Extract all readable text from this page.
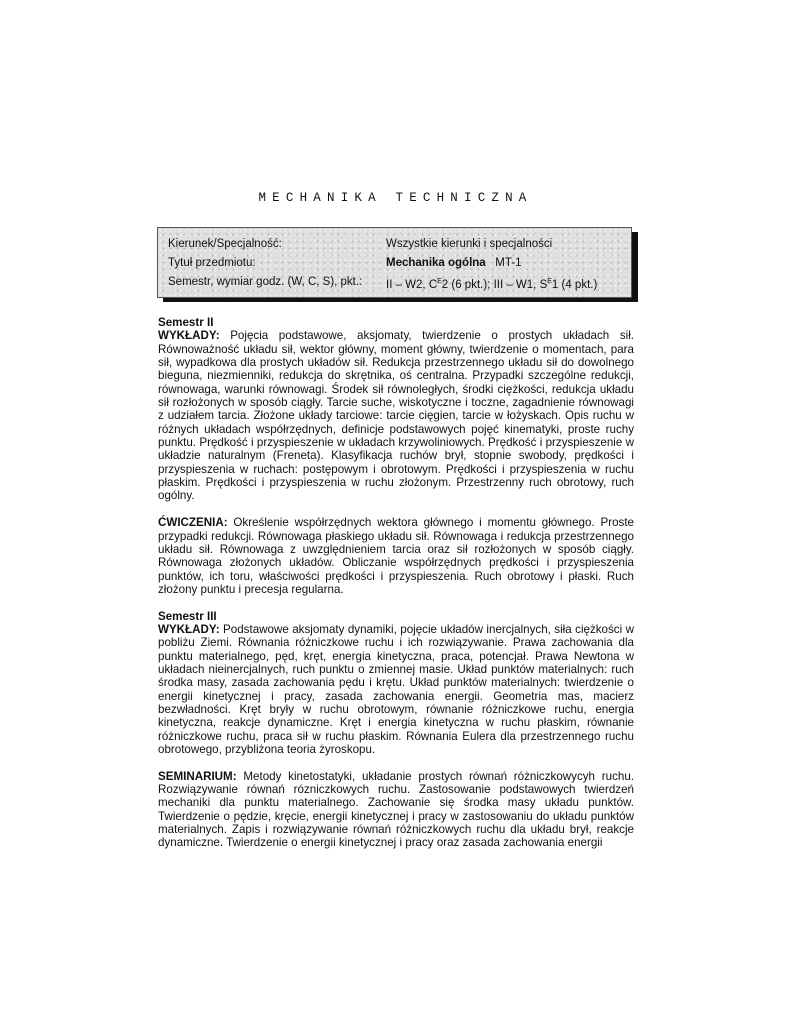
MECHANIKA TECHNICZNA
Kierunek/Specjalność:	Wszystkie kierunki i specjalności
Tytuł przedmiotu:	Mechanika ogólna MT-1
Semestr, wymiar godz. (W, C, S), pkt.: II – W2, $C^E2$ (6 pkt.); III – W1, $S^E1$ (4 pkt.)

Semestr II

WYKŁADY: Pojęcia podstawowe, aksjomaty, twierdzenie o prostych układach sił. Równoważność układu sił, wektor główny, moment główny, twierdzenie o momentach, para sił, wypadkowa dla prostych układów sił. Redukcja przestrzennego układu sił do dowolnego bieguna, niezmienniki, redukcja do skrętnika, oś centralna. Przypadki szczególne redukcji, równowaga, warunki równowagi. Środek sił równoległych, środki ciężkości, redukcja układu sił rozłożonych w sposób ciągły. Tarcie suche, wiskotyczne i toczne, zagadnienie równowagi z udziałem tarcia. Złożone układy tarciowe: tarcie cięgien, tarcie w łożyskach. Opis ruchu w różnych układach współrzędnych, definicje podstawowych pojęć kinematyki, proste ruchy punktu. Prędkość i przyspieszenie w układach krzywoliniowych. Prędkość i przyspieszenie w układzie naturalnym (Freneta). Klasyfikacja ruchów brył, stopnie swobody, prędkości i przyspieszenia w ruchach: postępowym i obrotowym. Prędkości i przyspieszenia w ruchu płaskim. Prędkości i przyspieszenia w ruchu złożonym. Przestrzenny ruch obrotowy, ruch ogólny.

ĆWICZENIA: Określenie współrzędnych wektora głównego i momentu głównego. Proste przypadki redukcji. Równowaga płaskiego układu sił. Równowaga i redukcja przestrzennego układu sił. Równowaga z uwzględnieniem tarcia oraz sił rozłożonych w sposób ciągły. Równowaga złożonych układów. Obliczanie współrzędnych prędkości i przyspieszenia punktów, ich toru, właściwości prędkości i przyspieszenia. Ruch obrotowy i płaski. Ruch złożony punktu i precesja regularna.

Semestr III

WYKŁADY: Podstawowe aksjomaty dynamiki, pojęcie układów inercjalnych, siła ciężkości w pobliżu Ziemi. Równania różniczkowe ruchu i ich rozwiązywanie. Prawa zachowania dla punktu materialnego, pęd, kręt, energia kinetyczna, praca, potencjał. Prawa Newtona w układach nieinercjalnych, ruch punktu o zmiennej masie. Układ punktów materialnych: ruch środka masy, zasada zachowania pędu i krętu. Układ punktów materialnych: twierdzenie o energii kinetycznej i pracy, zasada zachowania energii. Geometria mas, macierz bezwładności. Kręt bryły w ruchu obrotowym, równanie różniczkowe ruchu, energia kinetyczna, reakcje dynamiczne. Kręt i energia kinetyczna w ruchu płaskim, równanie różniczkowe ruchu, praca sił w ruchu płaskim. Równania Eulera dla przestrzennego ruchu obrotowego, przybliżona teoria żyroskopu.

SEMINARIUM: Metody kinetostatyki, układanie prostych równań różniczkowycyh ruchu. Rozwiązywanie równań rózniczkowych ruchu. Zastosowanie podstawowych twierdzeń mechaniki dla punktu materialnego. Zachowanie się środka masy układu punktów. Twierdzenie o pędzie, kręcie, energii kinetycznej i pracy w zastosowaniu do układu punktów materialnych. Zapis i rozwiązywanie równań różniczkowych ruchu dla układu brył, reakcje dynamiczne. Twierdzenie o energii kinetycznej i pracy oraz zasada zachowania energii
